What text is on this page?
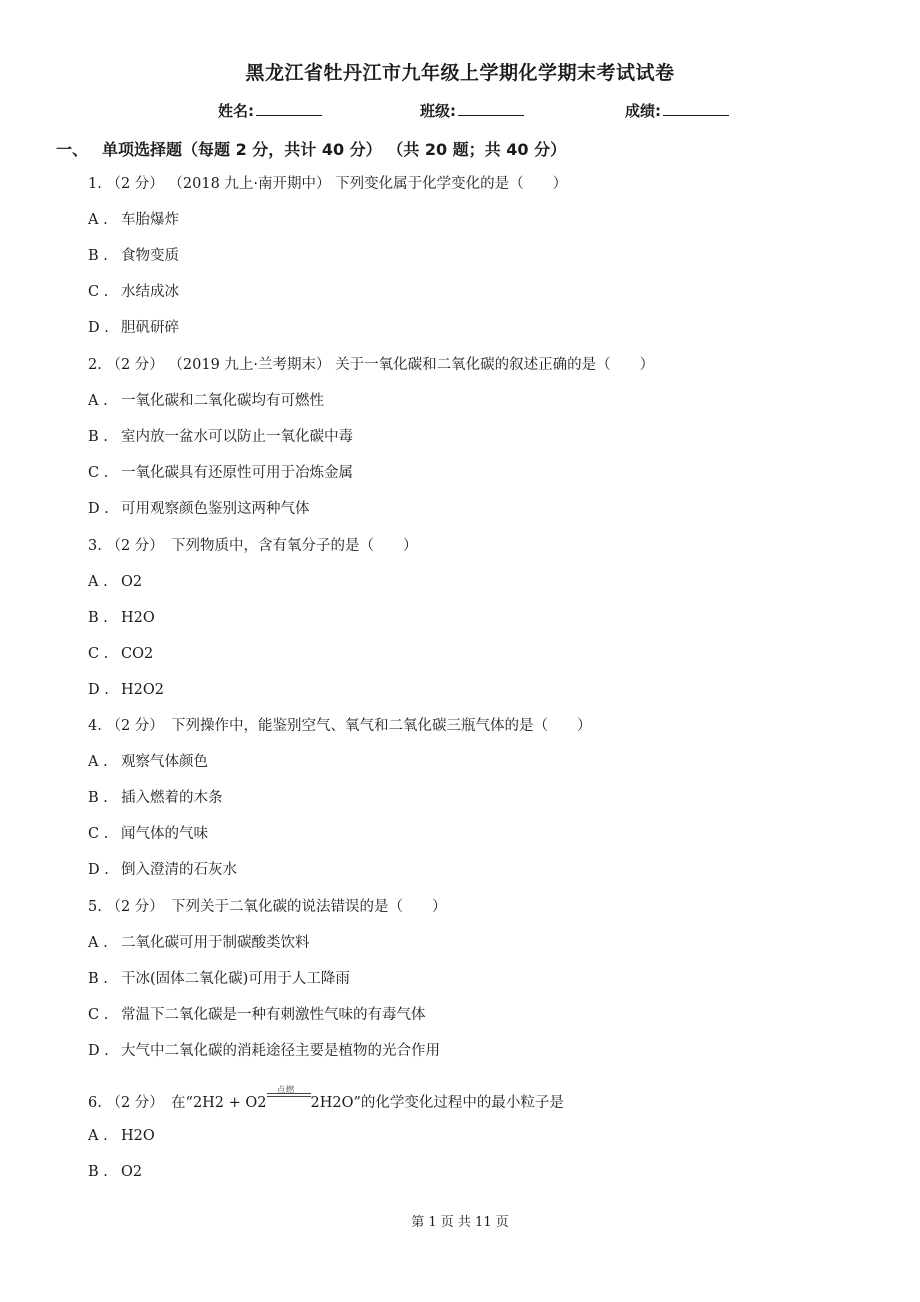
黑龙江省牡丹江市九年级上学期化学期末考试试卷
姓名:	班级:	成绩:
一、 单项选择题（每题 2 分，共计 40 分） （共 20 题；共 40 分）
1. （2 分） （2018 九上·南开期中） 下列变化属于化学变化的是（　　）
A . 车胎爆炸
B . 食物变质
C . 水结成冰
D . 胆矾研碎
2. （2 分） （2019 九上·兰考期末） 关于一氧化碳和二氧化碳的叙述正确的是（　　）
A . 一氧化碳和二氧化碳均有可燃性
B . 室内放一盆水可以防止一氧化碳中毒
C . 一氧化碳具有还原性可用于冶炼金属
D . 可用观察颜色鉴别这两种气体
3. （2 分）　下列物质中，含有氧分子的是（　　）
A . O2
B . H2O
C . CO2
D . H2O2
4. （2 分）　下列操作中，能鉴别空气、氧气和二氧化碳三瓶气体的是（　　）
A . 观察气体颜色
B . 插入燃着的木条
C . 闻气体的气味
D . 倒入澄清的石灰水
5. （2 分）　下列关于二氧化碳的说法错误的是（　　）
A . 二氧化碳可用于制碳酸类饮料
B . 干冰(固体二氧化碳)可用于人工降雨
C . 常温下二氧化碳是一种有刺激性气味的有毒气体
D . 大气中二氧化碳的消耗途径主要是植物的光合作用
6. （2 分）　在“2H2 + O2
点燃
2H2O”的化学变化过程中的最小粒子是
A . H2O
B . O2
第 1 页 共 11 页
